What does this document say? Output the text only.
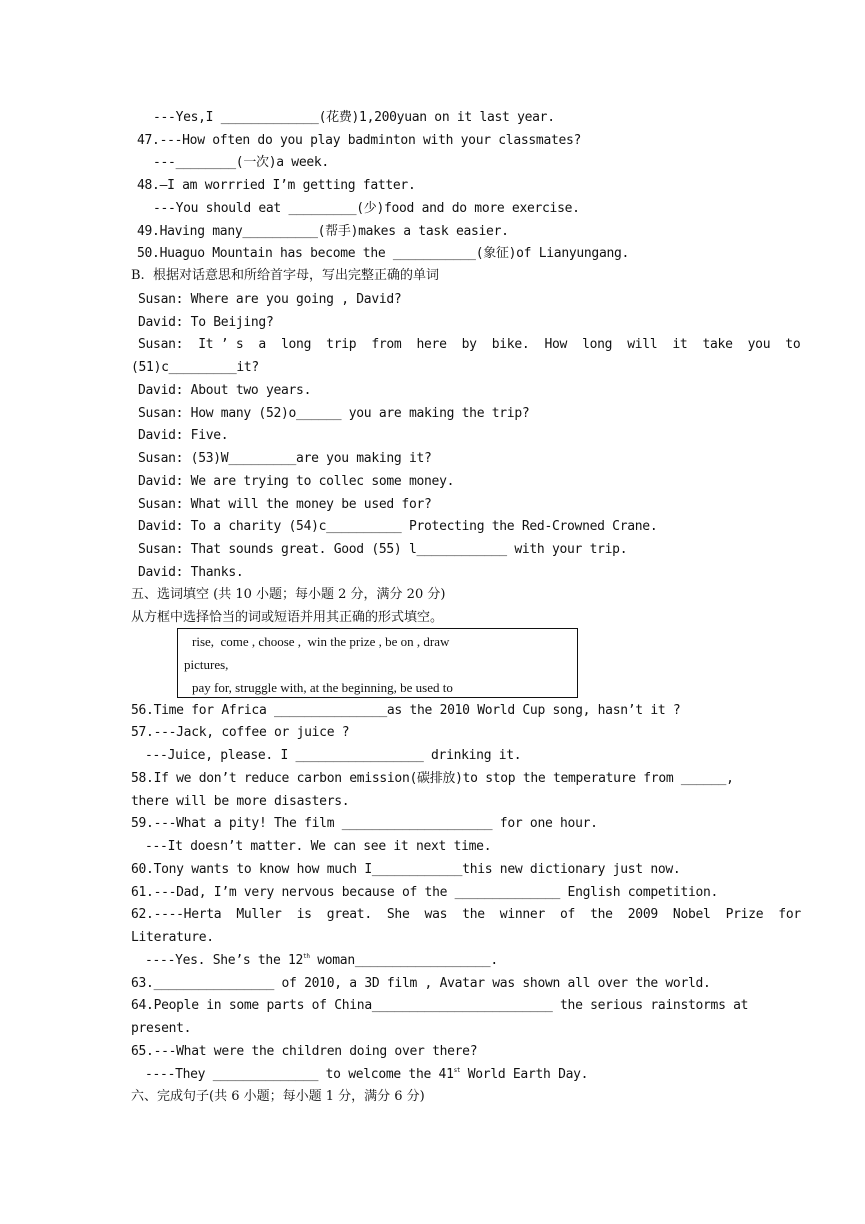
---Yes,I _____________(花费)1,200yuan on it last year.
47.---How often do you play badminton with your classmates?
---________(一次)a week.
48.—I am worrried I’m getting fatter.
---You should eat _________(少)food and do more exercise.
49.Having many__________(帮手)makes a task easier.
50.Huaguo Mountain has become the ___________(象征)of Lianyungang.
B.  根据对话意思和所给首字母，写出完整正确的单词
Susan: Where are you going , David?
David: To Beijing?
Susan:  It ’ s  a  long  trip  from  here  by  bike.  How  long  will  it  take  you  to
(51)c_________it?
David: About two years.
Susan: How many (52)o______ you are making the trip?
David: Five.
Susan: (53)W_________are you making it?
David: We are trying to collec some money.
Susan: What will the money be used for?
David: To a charity (54)c__________ Protecting the Red-Crowned Crane.
Susan: That sounds great. Good (55) l____________ with your trip.
David: Thanks.
五、选词填空 (共 10 小题；每小题 2 分，满分 20 分)
从方框中选择恰当的词或短语并用其正确的形式填空。
rise,  come , choose ,  win the prize , be on , draw
pictures,
pay for, struggle with, at the beginning, be used to
56.Time for Africa _______________as the 2010 World Cup song, hasn’t it ?
57.---Jack, coffee or juice ?
---Juice, please. I _________________ drinking it.
58.If we don’t reduce carbon emission(碳排放)to stop the temperature from ______,
there will be more disasters.
59.---What a pity! The film ____________________ for one hour.
---It doesn’t matter. We can see it next time.
60.Tony wants to know how much I____________this new dictionary just now.
61.---Dad, I’m very nervous because of the ______________ English competition.
62.----Herta  Muller  is  great.  She  was  the  winner  of  the  2009  Nobel  Prize  for
Literature.
----Yes. She’s the 12th woman__________________.
63.________________ of 2010, a 3D film , Avatar was shown all over the world.
64.People in some parts of China________________________ the serious rainstorms at
present.
65.---What were the children doing over there?
----They ______________ to welcome the 41st World Earth Day.
六、完成句子(共 6 小题；每小题 1 分，满分 6 分)
